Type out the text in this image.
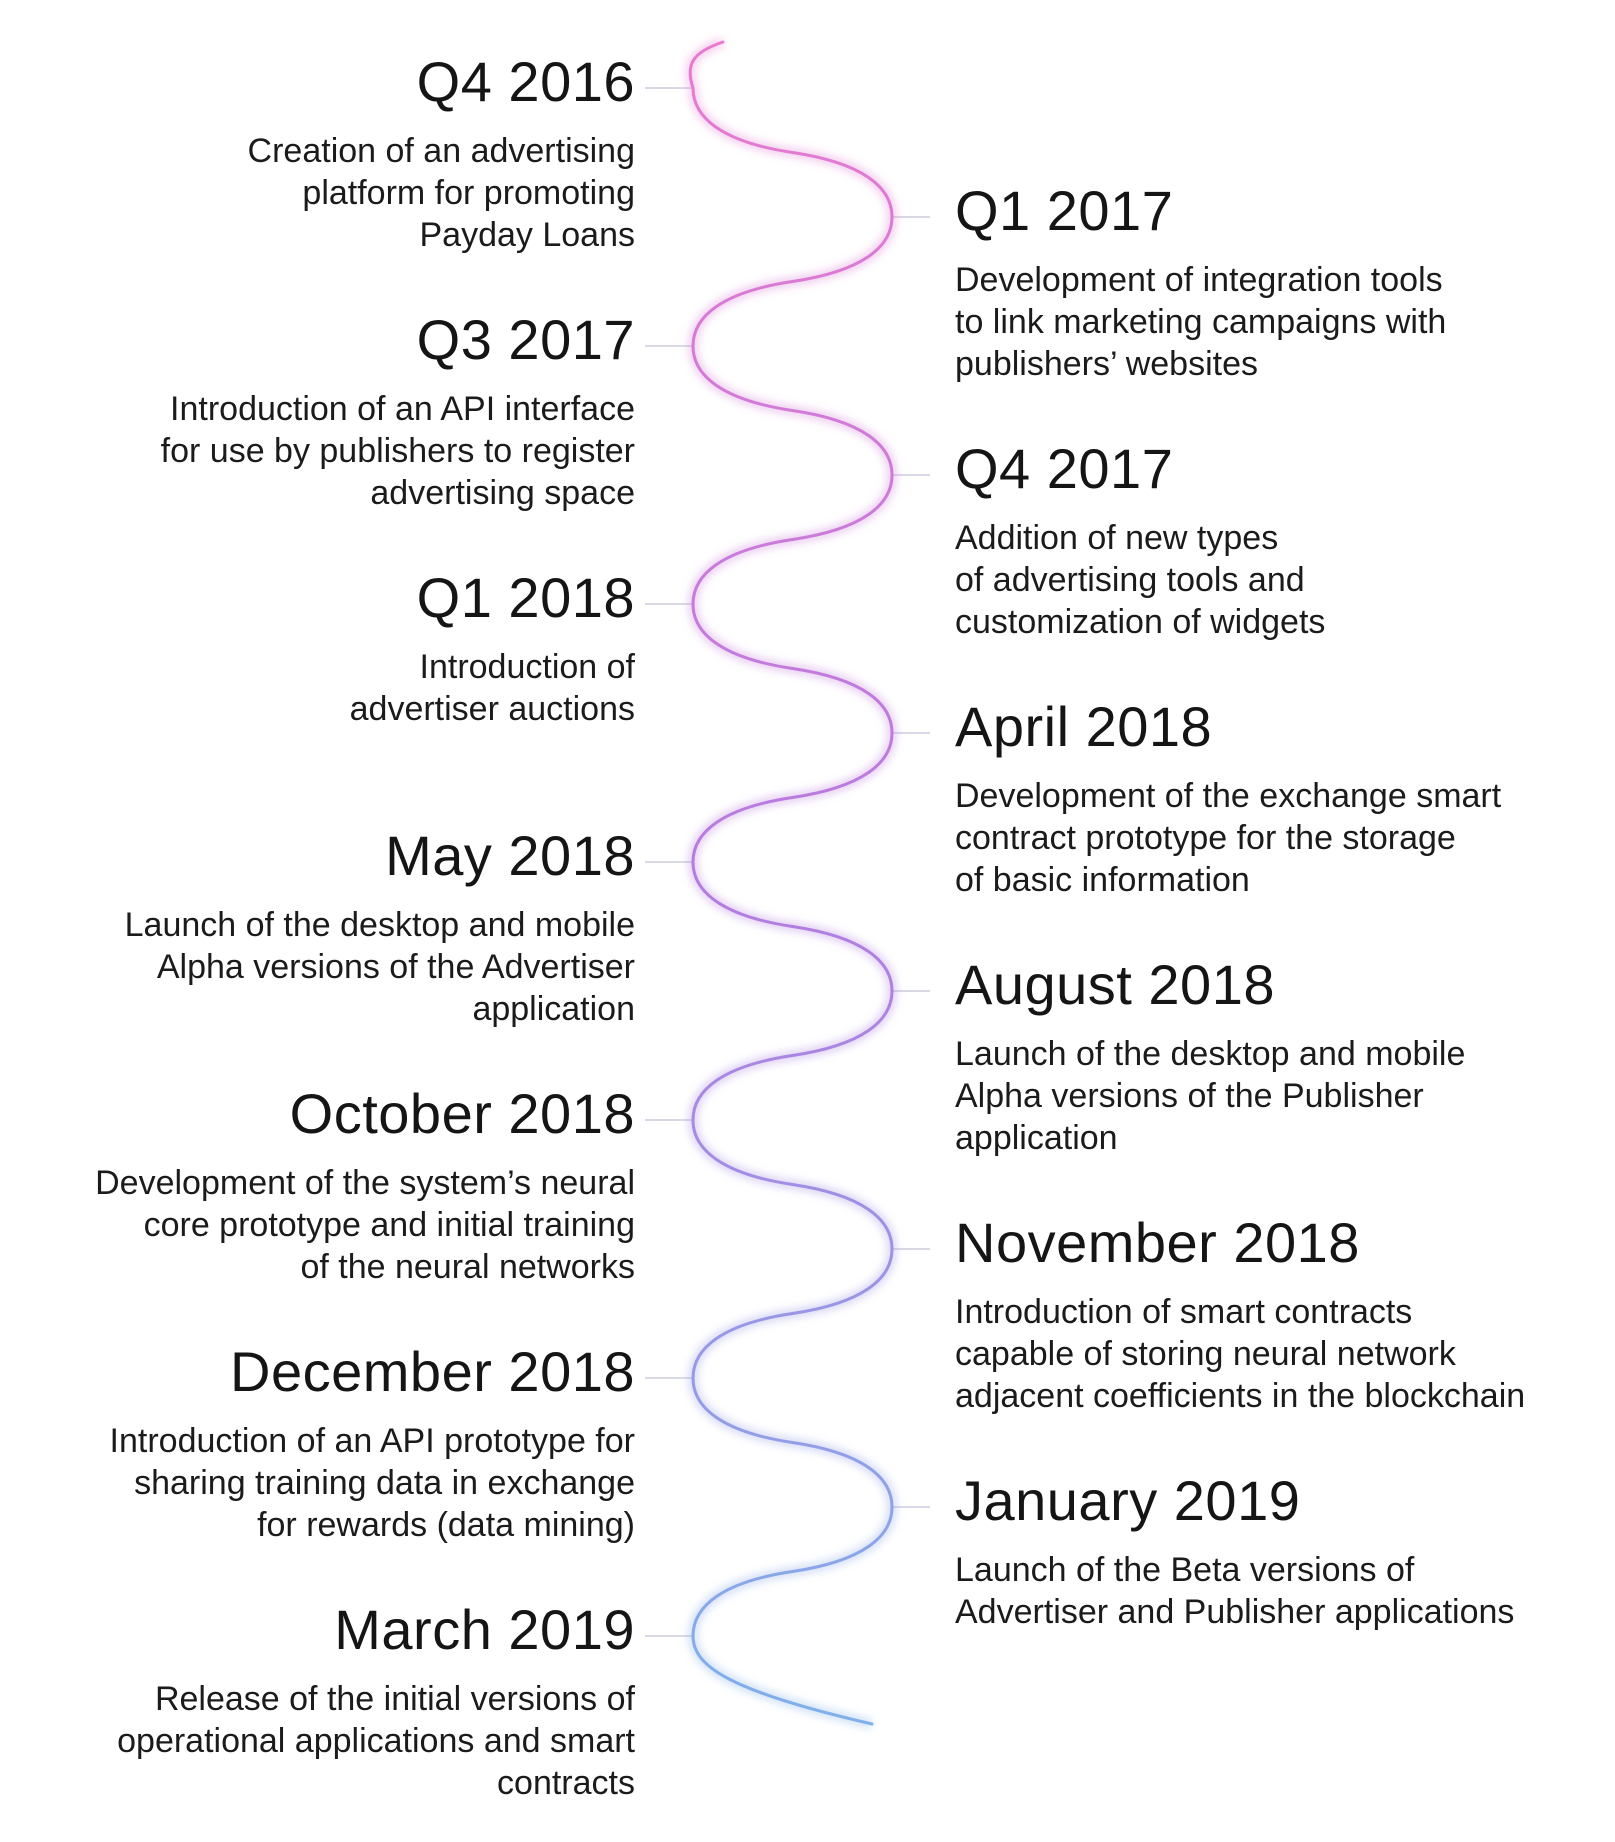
Q4 2016
Creation of an advertising
platform for promoting
Payday Loans	Q1 2017
Development of integration tools
to link marketing campaigns with
publishers’ websites
Q3 2017
Introduction of an API interface
for use by publishers to register
advertising space	Q4 2017
Addition of new types
of advertising tools and
customization of widgets
Q1 2018
Introduction of
advertiser auctions	April 2018
Development of the exchange smart
contract prototype for the storage
of basic information
May 2018
Launch of the desktop and mobile
Alpha versions of the Advertiser
application	August 2018
Launch of the desktop and mobile
Alpha versions of the Publisher
application
October 2018
Development of the system’s neural
core prototype and initial training
of the neural networks	November 2018
Introduction of smart contracts
capable of storing neural network
adjacent coefficients in the blockchain
December 2018
Introduction of an API prototype for
sharing training data in exchange
for rewards (data mining)	January 2019
Launch of the Beta versions of
Advertiser and Publisher applications
March 2019
Release of the initial versions of
operational applications and smart
contracts
